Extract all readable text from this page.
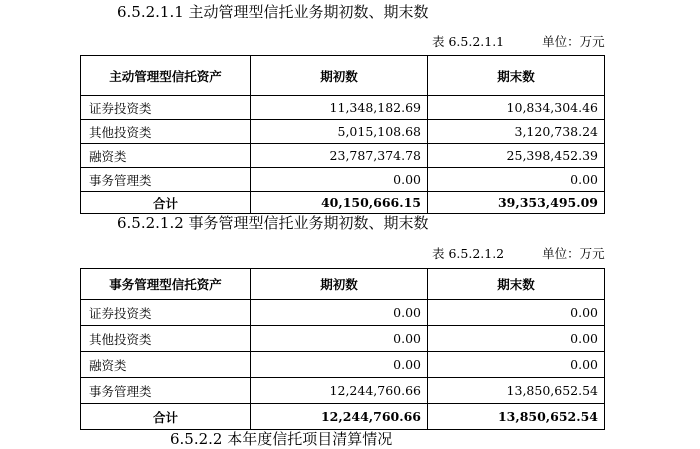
6.5.2.1.1 主动管理型信托业务期初数、期末数
表 6.5.2.1.1	单位：万元
主动管理型信托资产	期初数	期末数
证券投资类	11,348,182.69	10,834,304.46
其他投资类	5,015,108.68	3,120,738.24
融资类	23,787,374.78	25,398,452.39
事务管理类	0.00	0.00
合计	40,150,666.15	39,353,495.09
6.5.2.1.2 事务管理型信托业务期初数、期末数
表 6.5.2.1.2	单位：万元
事务管理型信托资产	期初数	期末数
证券投资类	0.00	0.00
其他投资类	0.00	0.00
融资类	0.00	0.00
事务管理类	12,244,760.66	13,850,652.54
合计	12,244,760.66	13,850,652.54
6.5.2.2 本年度信托项目清算情况
